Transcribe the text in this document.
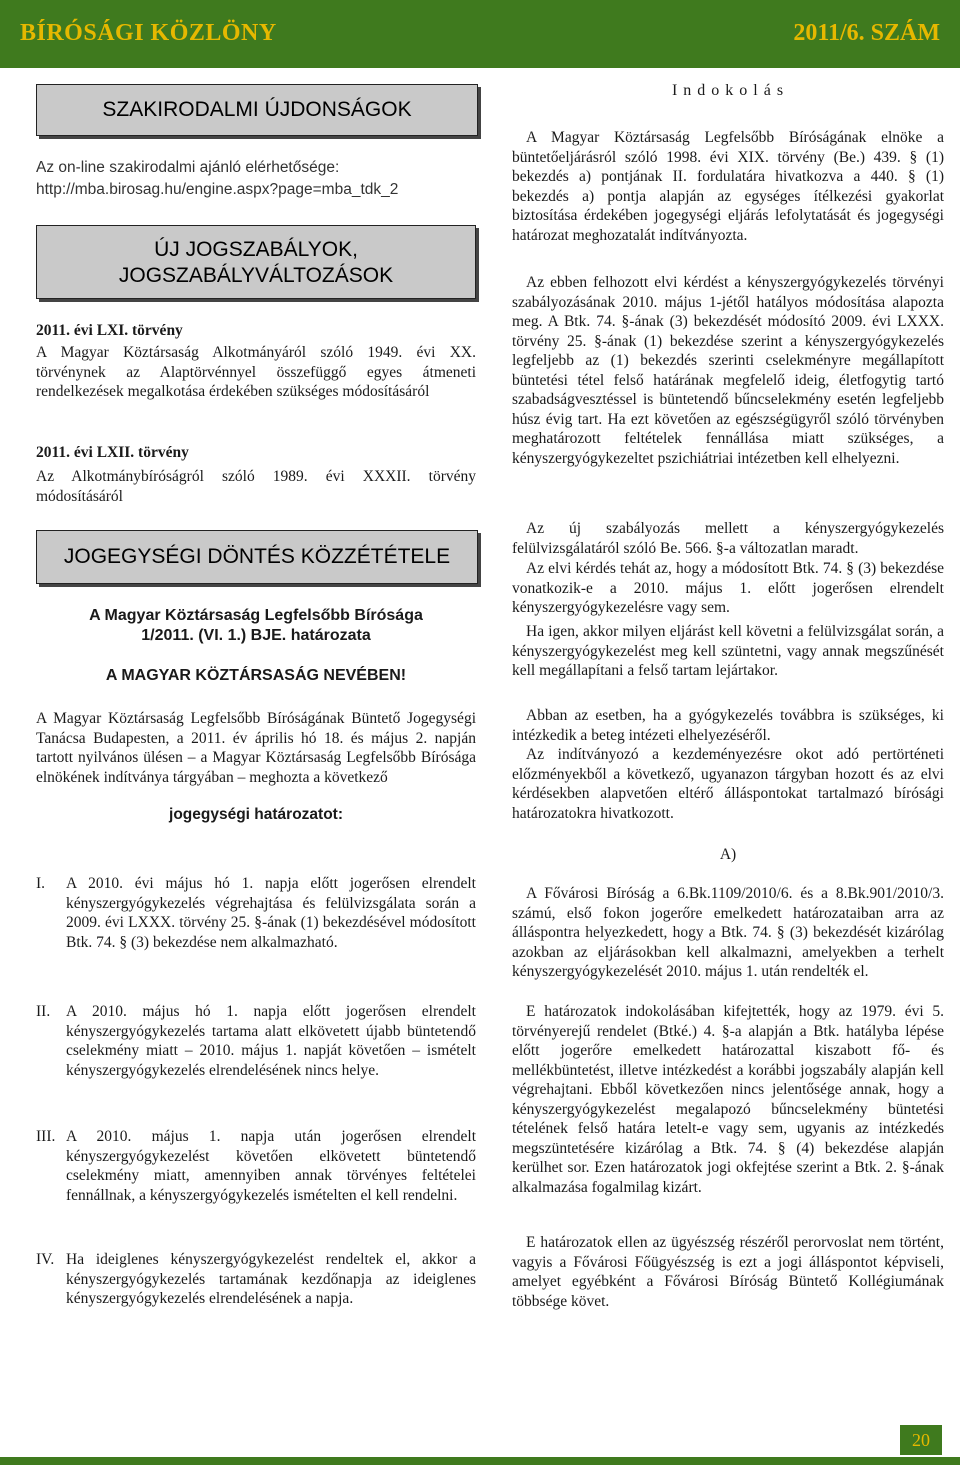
BÍRÓSÁGI KÖZLÖNY	2011/6. SZÁM
SZAKIRODALMI ÚJDONSÁGOK

Az on-line szakirodalmi ajánló elérhetősége:
http://mba.birosag.hu/engine.aspx?page=mba_tdk_2

ÚJ JOGSZABÁLYOK,
JOGSZABÁLYVÁLTOZÁSOK

2011. évi LXI. törvény

A Magyar Köztársaság Alkotmányáról szóló 1949. évi XX. törvénynek az Alaptörvénnyel összefüggő egyes átmeneti rendelkezések megalkotása érdekében szükséges módosításáról

2011. évi LXII. törvény

Az Alkotmánybíróságról szóló 1989. évi XXXII. törvény módosításáról

JOGEGYSÉGI DÖNTÉS KÖZZÉTÉTELE

A Magyar Köztársaság Legfelsőbb Bírósága
1/2011. (VI. 1.) BJE. határozata

A MAGYAR KÖZTÁRSASÁG NEVÉBEN!

A Magyar Köztársaság Legfelsőbb Bíróságának Büntető Jogegységi Tanácsa Budapesten, a 2011. év április hó 18. és május 2. napján tartott nyilvános ülésen – a Magyar Köztársaság Legfelsőbb Bírósága elnökének indítványa tárgyában – meghozta a következő

jogegységi határozatot:

I. A 2010. évi május hó 1. napja előtt jogerősen elrendelt kényszergyógykezelés végrehajtása és felülvizsgálata során a 2009. évi LXXX. törvény 25. §-ának (1) bekezdésével módosított Btk. 74. § (3) bekezdése nem alkalmazható.
II. A 2010. május hó 1. napja előtt jogerősen elrendelt kényszergyógykezelés tartama alatt elkövetett újabb büntetendő cselekmény miatt – 2010. május 1. napját követően – ismételt kényszergyógykezelés elrendelésének nincs helye.
III. A 2010. május 1. napja után jogerősen elrendelt kényszergyógykezelést követően elkövetett büntetendő cselekmény miatt, amennyiben annak törvényes feltételei fennállnak, a kényszergyógykezelés ismételten el kell rendelni.
IV. Ha ideiglenes kényszergyógykezelést rendeltek el, akkor a kényszergyógykezelés tartamának kezdőnapja az ideiglenes kényszergyógykezelés elrendelésének a napja.

I n d o k o l á s

A Magyar Köztársaság Legfelsőbb Bíróságának elnöke a büntetőeljárásról szóló 1998. évi XIX. törvény (Be.) 439. § (1) bekezdés a) pontjának II. fordulatára hivatkozva a 440. § (1) bekezdés a) pontja alapján az egységes ítélkezési gyakorlat biztosítása érdekében jogegységi eljárás lefolytatását és jogegységi határozat meghozatalát indítványozta.

Az ebben felhozott elvi kérdést a kényszergyógykezelés törvényi szabályozásának 2010. május 1-jétől hatályos módosítása alapozta meg. A Btk. 74. §-ának (3) bekezdését módosító 2009. évi LXXX. törvény 25. §-ának (1) bekezdése szerint a kényszergyógykezelés legfeljebb az (1) bekezdés szerinti cselekményre megállapított büntetési tétel felső határának megfelelő ideig, életfogytig tartó szabadságvesztéssel is büntetendő bűncselekmény esetén legfeljebb húsz évig tart. Ha ezt követően az egészségügyről szóló törvényben meghatározott feltételek fennállása miatt szükséges, a kényszergyógykezeltet pszichiátriai intézetben kell elhelyezni.

Az új szabályozás mellett a kényszergyógykezelés felülvizsgálatáról szóló Be. 566. §-a változatlan maradt.

Az elvi kérdés tehát az, hogy a módosított Btk. 74. § (3) bekezdése vonatkozik-e a 2010. május 1. előtt jogerősen elrendelt kényszergyógykezelésre vagy sem.

Ha igen, akkor milyen eljárást kell követni a felülvizsgálat során, a kényszergyógykezelést meg kell szüntetni, vagy annak megszűnését kell megállapítani a felső tartam lejártakor.

Abban az esetben, ha a gyógykezelés továbbra is szükséges, ki intézkedik a beteg intézeti elhelyezéséről.

Az indítványozó a kezdeményezésre okot adó pertörténeti előzményekből a következő, ugyanazon tárgyban hozott és az elvi kérdésekben alapvetően eltérő álláspontokat tartalmazó bírósági határozatokra hivatkozott.

A)

A Fővárosi Bíróság a 6.Bk.1109/2010/6. és a 8.Bk.901/2010/3. számú, első fokon jogerőre emelkedett határozataiban arra az álláspontra helyezkedett, hogy a Btk. 74. § (3) bekezdését kizárólag azokban az eljárásokban kell alkalmazni, amelyekben a terhelt kényszergyógykezelését 2010. május 1. után rendelték el.

E határozatok indokolásában kifejtették, hogy az 1979. évi 5. törvényerejű rendelet (Btké.) 4. §-a alapján a Btk. hatályba lépése előtt jogerőre emelkedett határozattal kiszabott fő- és mellékbüntetést, illetve intézkedést a korábbi jogszabály alapján kell végrehajtani. Ebből következően nincs jelentősége annak, hogy a kényszergyógykezelést megalapozó bűncselekmény büntetési tételének felső határa letelt-e vagy sem, ugyanis az intézkedés megszüntetésére kizárólag a Btk. 74. § (4) bekezdése alapján kerülhet sor. Ezen határozatok jogi okfejtése szerint a Btk. 2. §-ának alkalmazása fogalmilag kizárt.

E határozatok ellen az ügyészség részéről perorvoslat nem történt, vagyis a Fővárosi Főügyészség is ezt a jogi álláspontot képviseli, amelyet egyébként a Fővárosi Bíróság Büntető Kollégiumának többsége követ.

20
